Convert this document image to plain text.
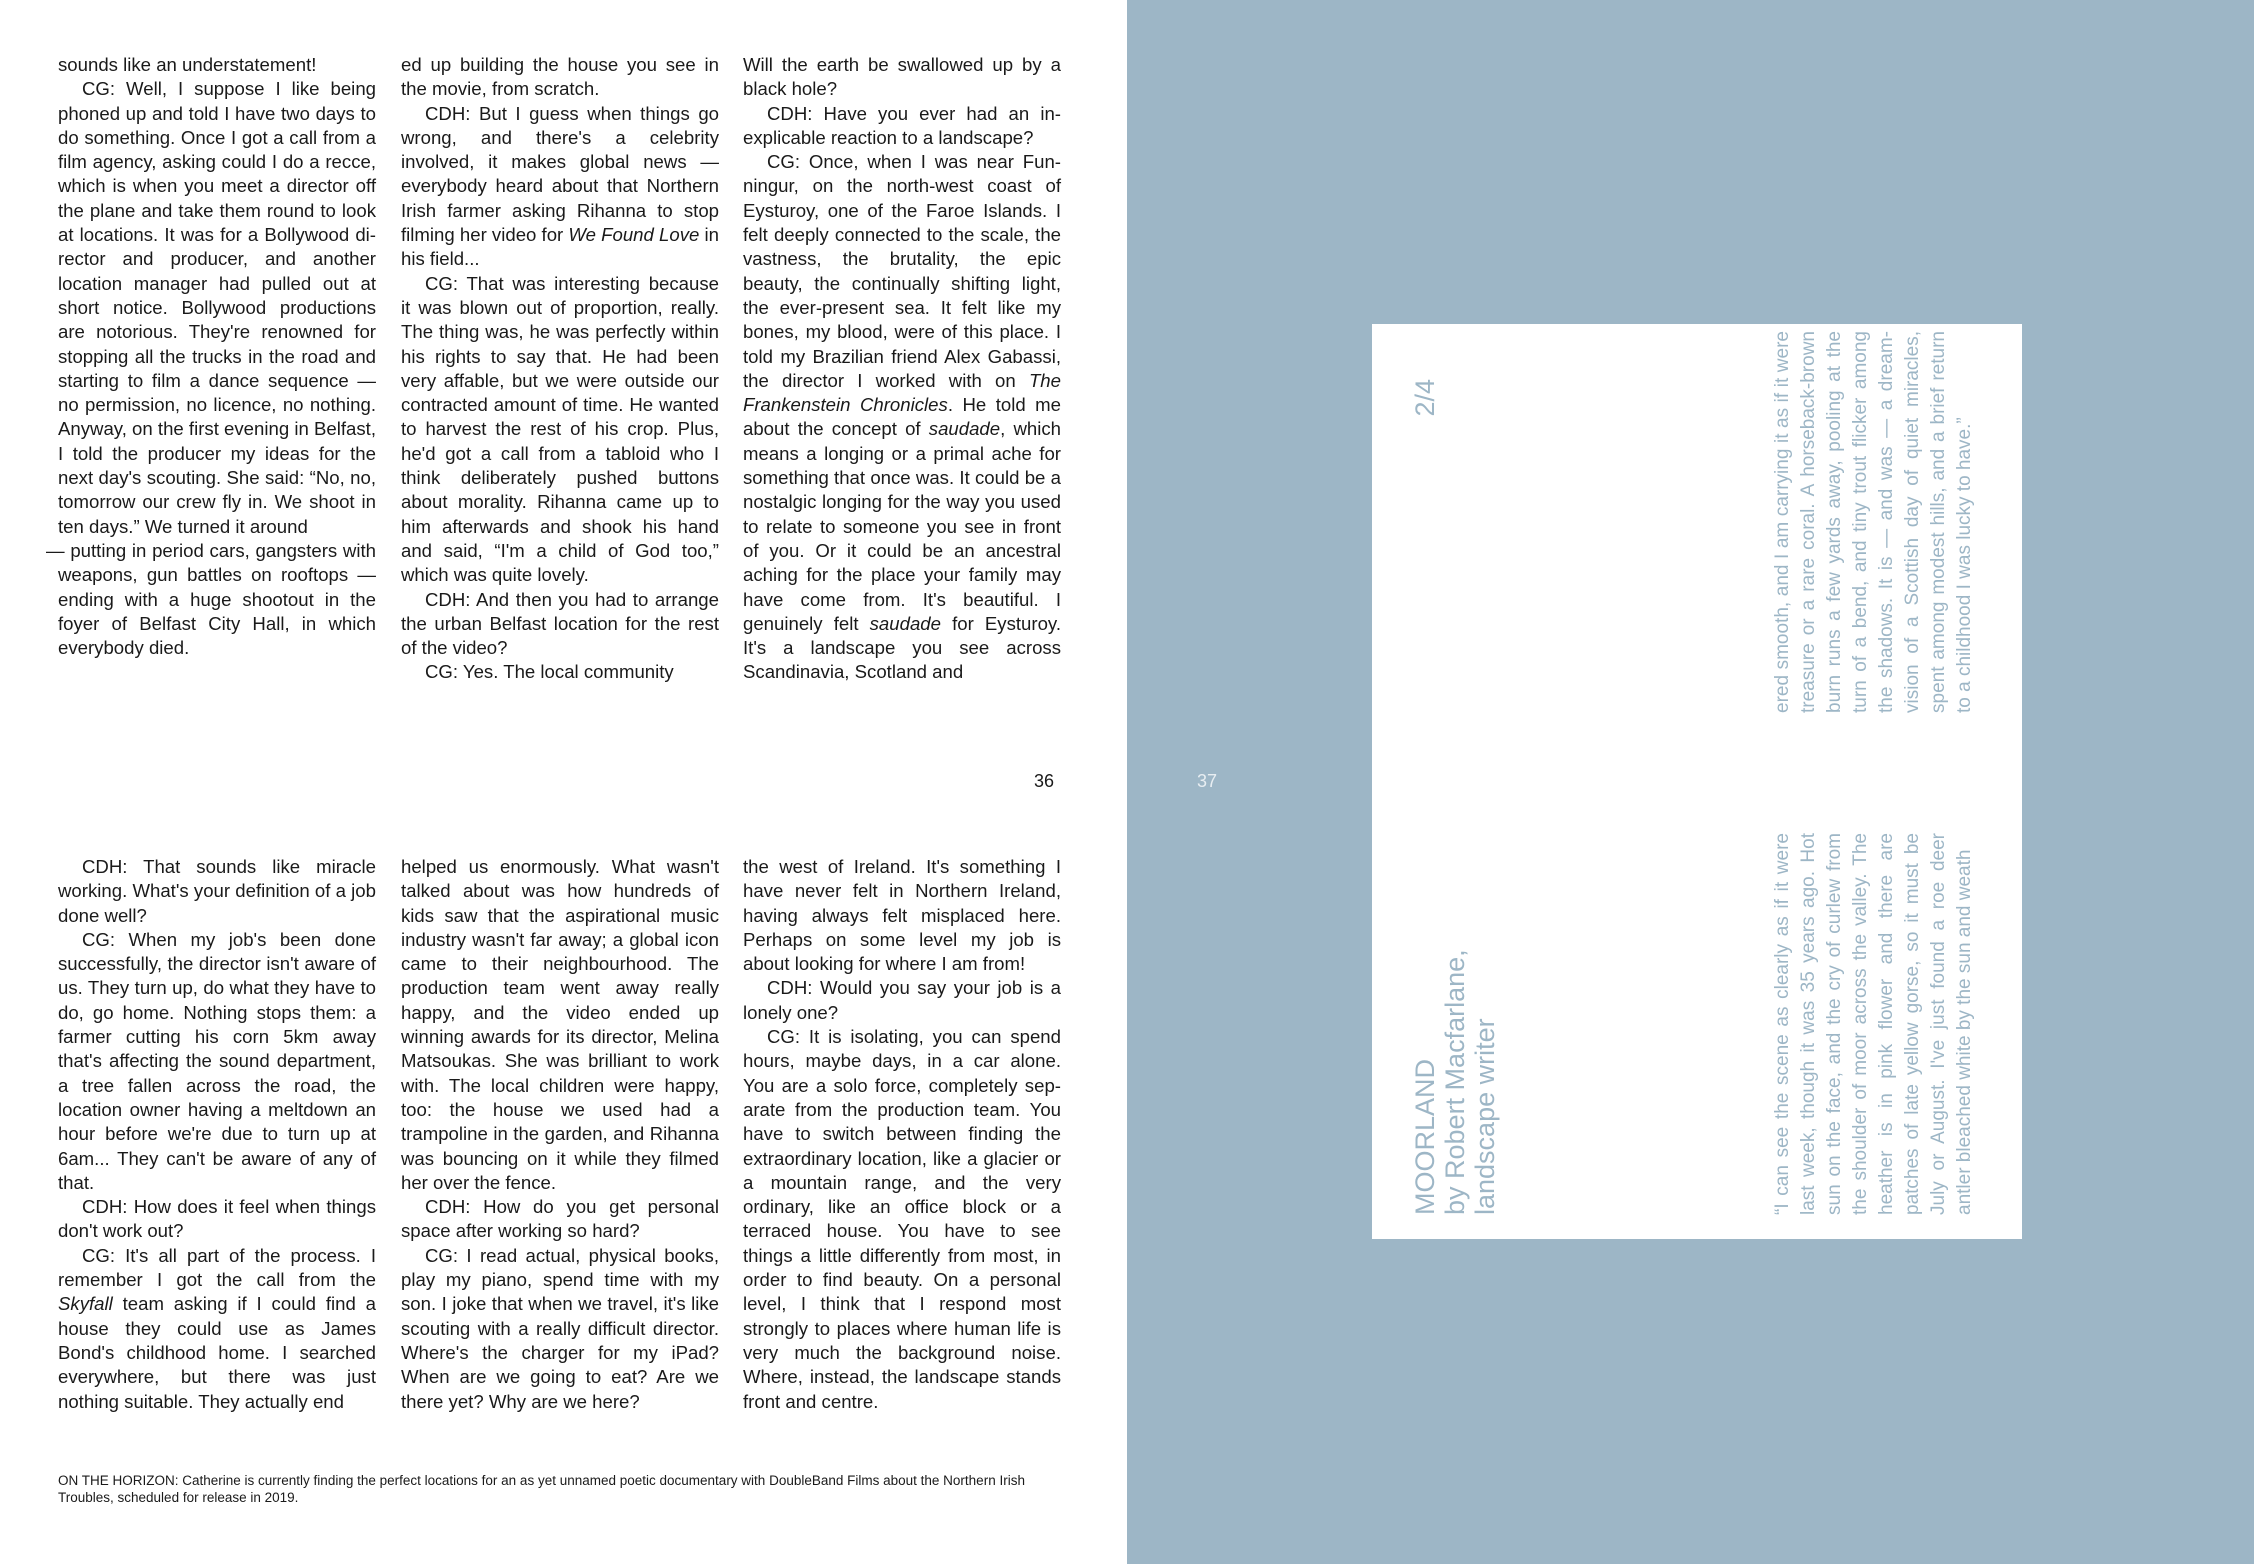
sounds like an understatement!

CG: Well, I suppose I like being phoned up and told I have two days to do something. Once I got a call from a film agency, asking could I do a recce, which is when you meet a director off the plane and take them round to look at locations. It was for a Bollywood director and producer, and another location manager had pulled out at short notice. Bollywood productions are notorious. They're renowned for stopping all the trucks in the road and starting to film a dance sequence — no permission, no licence, no nothing. Anyway, on the first evening in Belfast, I told the producer my ideas for the next day's scouting. She said: “No, no, tomorrow our crew fly in. We shoot in ten days.” We turned it around

— putting in period cars, gangsters with weapons, gun battles on rooftops — ending with a huge shootout in the foyer of Belfast City Hall, in which everybody died.

ed up building the house you see in the movie, from scratch.

CDH: But I guess when things go wrong, and there's a celebrity involved, it makes global news — everybody heard about that Northern Irish farmer asking Rihanna to stop filming her video for We Found Love in his field...

CG: That was interesting because it was blown out of proportion, really. The thing was, he was perfectly within his rights to say that. He had been very affable, but we were outside our contracted amount of time. He wanted to harvest the rest of his crop. Plus, he'd got a call from a tabloid who I think deliberately pushed buttons about morality. Rihanna came up to him afterwards and shook his hand and said, “I'm a child of God too,” which was quite lovely.

CDH: And then you had to arrange the urban Belfast location for the rest of the video?

CG: Yes. The local community

Will the earth be swallowed up by a black hole?

CDH: Have you ever had an inexplicable reaction to a landscape?

CG: Once, when I was near Funningur, on the north-west coast of Eysturoy, one of the Faroe Islands. I felt deeply connected to the scale, the vastness, the brutality, the epic beauty, the continually shifting light, the ever-present sea. It felt like my bones, my blood, were of this place. I told my Brazilian friend Alex Gabassi, the director I worked with on The Frankenstein Chronicles. He told me about the concept of saudade, which means a longing or a primal ache for something that once was. It could be a nostalgic longing for the way you used to relate to someone you see in front of you. Or it could be an ancestral aching for the place your family may have come from. It's beautiful. I genuinely felt saudade for Eysturoy. It's a landscape you see across Scandinavia, Scotland and

36

CDH: That sounds like miracle working. What's your definition of a job done well?

CG: When my job's been done successfully, the director isn't aware of us. They turn up, do what they have to do, go home. Nothing stops them: a farmer cutting his corn 5km away that's affecting the sound department, a tree fallen across the road, the location owner having a meltdown an hour before we're due to turn up at 6am... They can't be aware of any of that.

CDH: How does it feel when things don't work out?

CG: It's all part of the process. I remember I got the call from the Skyfall team asking if I could find a house they could use as James Bond's childhood home. I searched everywhere, but there was just nothing suitable. They actually end

helped us enormously. What wasn't talked about was how hundreds of kids saw that the aspirational music industry wasn't far away; a global icon came to their neighbourhood. The production team went away really happy, and the video ended up winning awards for its director, Melina Matsoukas. She was brilliant to work with. The local children were happy, too: the house we used had a trampoline in the garden, and Rihanna was bouncing on it while they filmed her over the fence.

CDH: How do you get personal space after working so hard?

CG: I read actual, physical books, play my piano, spend time with my son. I joke that when we travel, it's like scouting with a really difficult director. Where's the charger for my iPad? When are we going to eat? Are we there yet? Why are we here?

the west of Ireland. It's something I have never felt in Northern Ireland, having always felt misplaced here. Perhaps on some level my job is about looking for where I am from!

CDH: Would you say your job is a lonely one?

CG: It is isolating, you can spend hours, maybe days, in a car alone. You are a solo force, completely separate from the production team. You have to switch between finding the extraordinary location, like a glacier or a mountain range, and the very ordinary, like an office block or a terraced house. You have to see things a little differently from most, in order to find beauty. On a personal level, I think that I respond most strongly to places where human life is very much the background noise. Where, instead, the landscape stands front and centre.

ON THE HORIZON: Catherine is currently finding the perfect locations for an as yet unnamed poetic documentary with DoubleBand Films about the Northern Irish Troubles, scheduled for release in 2019.
37
MOORLAND by Robert Macfarlane, landscape writer
2/4
“I can see the scene as clearly as if it were last week, though it was 35 years ago. Hot sun on the face, and the cry of curlew from the shoulder of moor across the valley. The heather is in pink flower and there are patches of late yellow gorse, so it must be July or August. I've just found a roe deer antler bleached white by the sun and weath
ered smooth, and I am carrying it as if it were treasure or a rare coral. A horseback-brown burn runs a few yards away, pooling at the turn of a bend, and tiny trout flicker among the shadows. It is — and was — a dream-vision of a Scottish day of quiet miracles, spent among modest hills, and a brief return to a childhood I was lucky to have.”
